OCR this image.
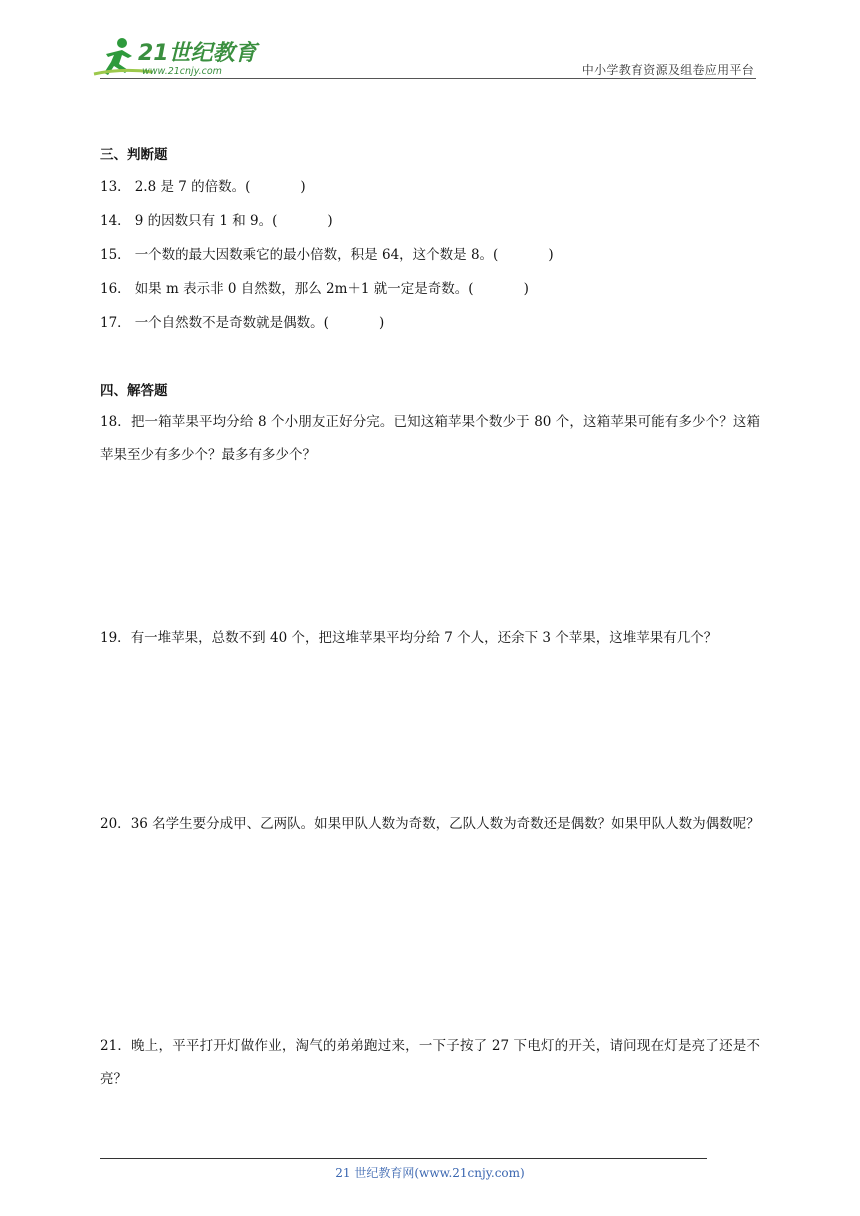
21世纪教育
www.21cnjy.com	中小学教育资源及组卷应用平台
三、判断题
13． 2.8 是 7 的倍数。(	)
14． 9 的因数只有 1 和 9。(	)
15． 一个数的最大因数乘它的最小倍数，积是 64，这个数是 8。(	)
16． 如果 m 表示非 0 自然数，那么 2m＋1 就一定是奇数。(	)
17． 一个自然数不是奇数就是偶数。(	)
四、解答题
18．把一箱苹果平均分给 8 个小朋友正好分完。已知这箱苹果个数少于 80 个，这箱苹果可能有多少个？这箱苹果至少有多少个？最多有多少个？
19．有一堆苹果，总数不到 40 个，把这堆苹果平均分给 7 个人，还余下 3 个苹果，这堆苹果有几个？
20．36 名学生要分成甲、乙两队。如果甲队人数为奇数，乙队人数为奇数还是偶数？如果甲队人数为偶数呢？
21．晚上，平平打开灯做作业，淘气的弟弟跑过来，一下子按了 27 下电灯的开关，请问现在灯是亮了还是不亮？
21 世纪教育网(www.21cnjy.com)
